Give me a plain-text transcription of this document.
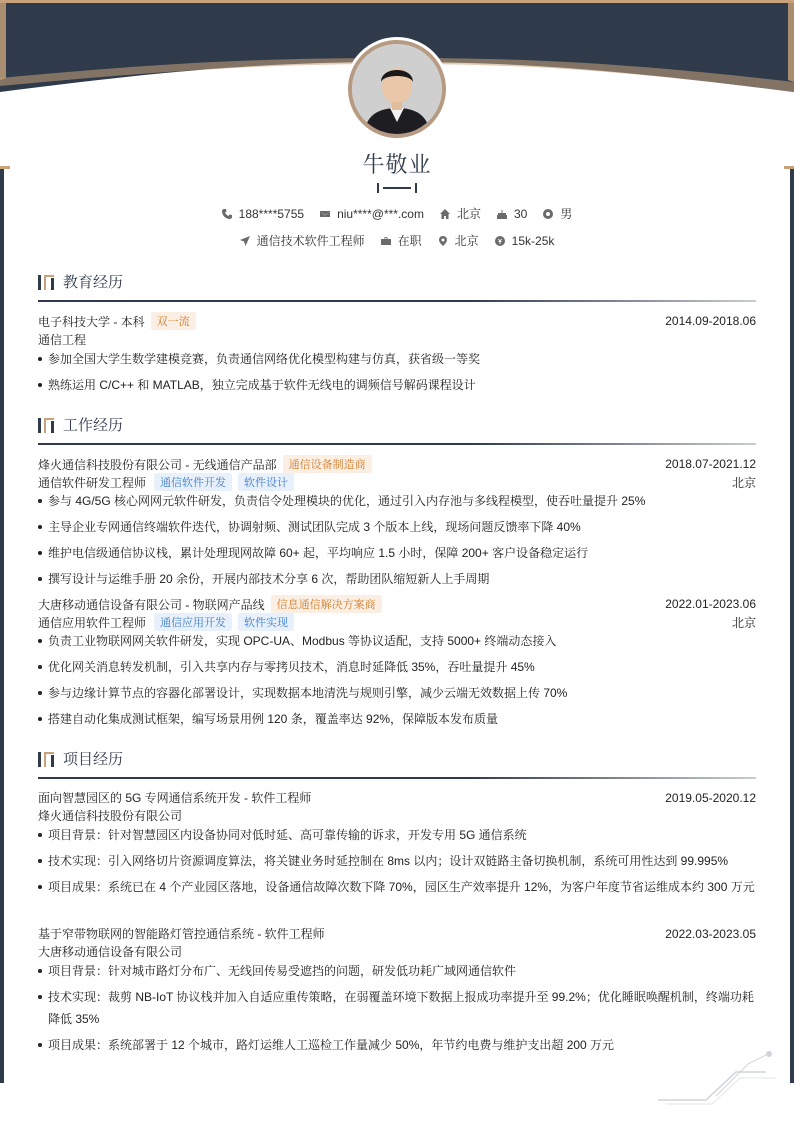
牛敬业
188****5755	niu****@***.com	北京	30	男
通信技术软件工程师	在职	北京	15k-25k
教育经历
电子科技大学 - 本科	双一流	2014.09-2018.06
通信工程
参加全国大学生数学建模竞赛，负责通信网络优化模型构建与仿真，获省级一等奖
熟练运用 C/C++ 和 MATLAB，独立完成基于软件无线电的调频信号解码课程设计
工作经历
烽火通信科技股份有限公司 - 无线通信产品部	通信设备制造商	2018.07-2021.12
通信软件研发工程师	通信软件开发	软件设计	北京
参与 4G/5G 核心网网元软件研发，负责信令处理模块的优化，通过引入内存池与多线程模型，使吞吐量提升 25%
主导企业专网通信终端软件迭代，协调射频、测试团队完成 3 个版本上线，现场问题反馈率下降 40%
维护电信级通信协议栈，累计处理现网故障 60+ 起，平均响应 1.5 小时，保障 200+ 客户设备稳定运行
撰写设计与运维手册 20 余份，开展内部技术分享 6 次，帮助团队缩短新人上手周期
大唐移动通信设备有限公司 - 物联网产品线	信息通信解决方案商	2022.01-2023.06
通信应用软件工程师	通信应用开发	软件实现	北京
负责工业物联网网关软件研发，实现 OPC-UA、Modbus 等协议适配，支持 5000+ 终端动态接入
优化网关消息转发机制，引入共享内存与零拷贝技术，消息时延降低 35%，吞吐量提升 45%
参与边缘计算节点的容器化部署设计，实现数据本地清洗与规则引擎，减少云端无效数据上传 70%
搭建自动化集成测试框架，编写场景用例 120 条，覆盖率达 92%，保障版本发布质量
项目经历
面向智慧园区的 5G 专网通信系统开发 - 软件工程师	2019.05-2020.12
烽火通信科技股份有限公司
项目背景：针对智慧园区内设备协同对低时延、高可靠传输的诉求，开发专用 5G 通信系统
技术实现：引入网络切片资源调度算法，将关键业务时延控制在 8ms 以内；设计双链路主备切换机制，系统可用性达到 99.995%
项目成果：系统已在 4 个产业园区落地，设备通信故障次数下降 70%，园区生产效率提升 12%，为客户年度节省运维成本约 300 万元
基于窄带物联网的智能路灯管控通信系统 - 软件工程师	2022.03-2023.05
大唐移动通信设备有限公司
项目背景：针对城市路灯分布广、无线回传易受遮挡的问题，研发低功耗广域网通信软件
技术实现：裁剪 NB-IoT 协议栈并加入自适应重传策略，在弱覆盖环境下数据上报成功率提升至 99.2%；优化睡眠唤醒机制，终端功耗降低 35%
项目成果：系统部署于 12 个城市，路灯运维人工巡检工作量减少 50%，年节约电费与维护支出超 200 万元
